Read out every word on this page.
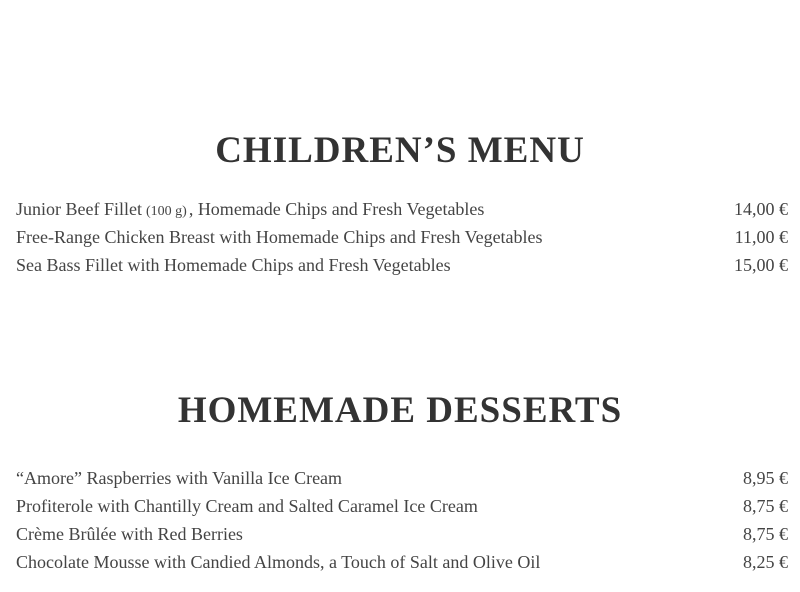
CHILDREN’S MENU
Junior Beef Fillet (100 g) , Homemade Chips and Fresh Vegetables	14,00 €
Free-Range Chicken Breast with Homemade Chips and Fresh Vegetables	11,00 €
Sea Bass Fillet with Homemade Chips and Fresh Vegetables	15,00 €
HOMEMADE DESSERTS
“Amore” Raspberries with Vanilla Ice Cream	8,95 €
Profiterole with Chantilly Cream and Salted Caramel Ice Cream	8,75 €
Crème Brûlée with Red Berries	8,75 €
Chocolate Mousse with Candied Almonds, a Touch of Salt and Olive Oil	8,25 €
